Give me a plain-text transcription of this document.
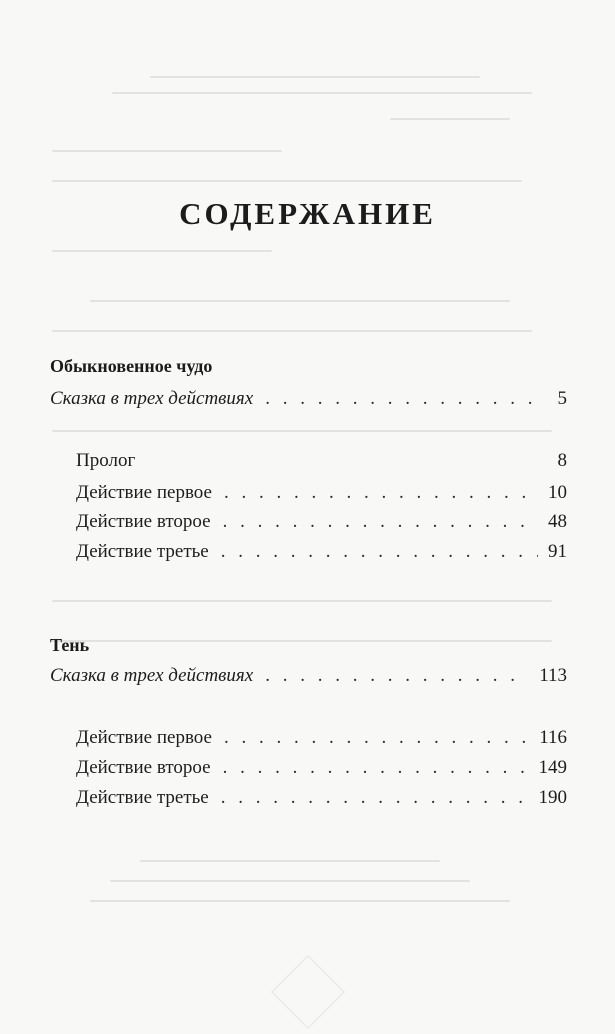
СОДЕРЖАНИЕ
Обыкновенное чудо
Сказка в трех действиях . . .	5
Пролог	8
Действие первое . . .	10
Действие второе . . .	48
Действие третье . . .	91
Тень
Сказка в трех действиях . . .	113
Действие первое . . .	116
Действие второе . . .	149
Действие третье . . .	190
